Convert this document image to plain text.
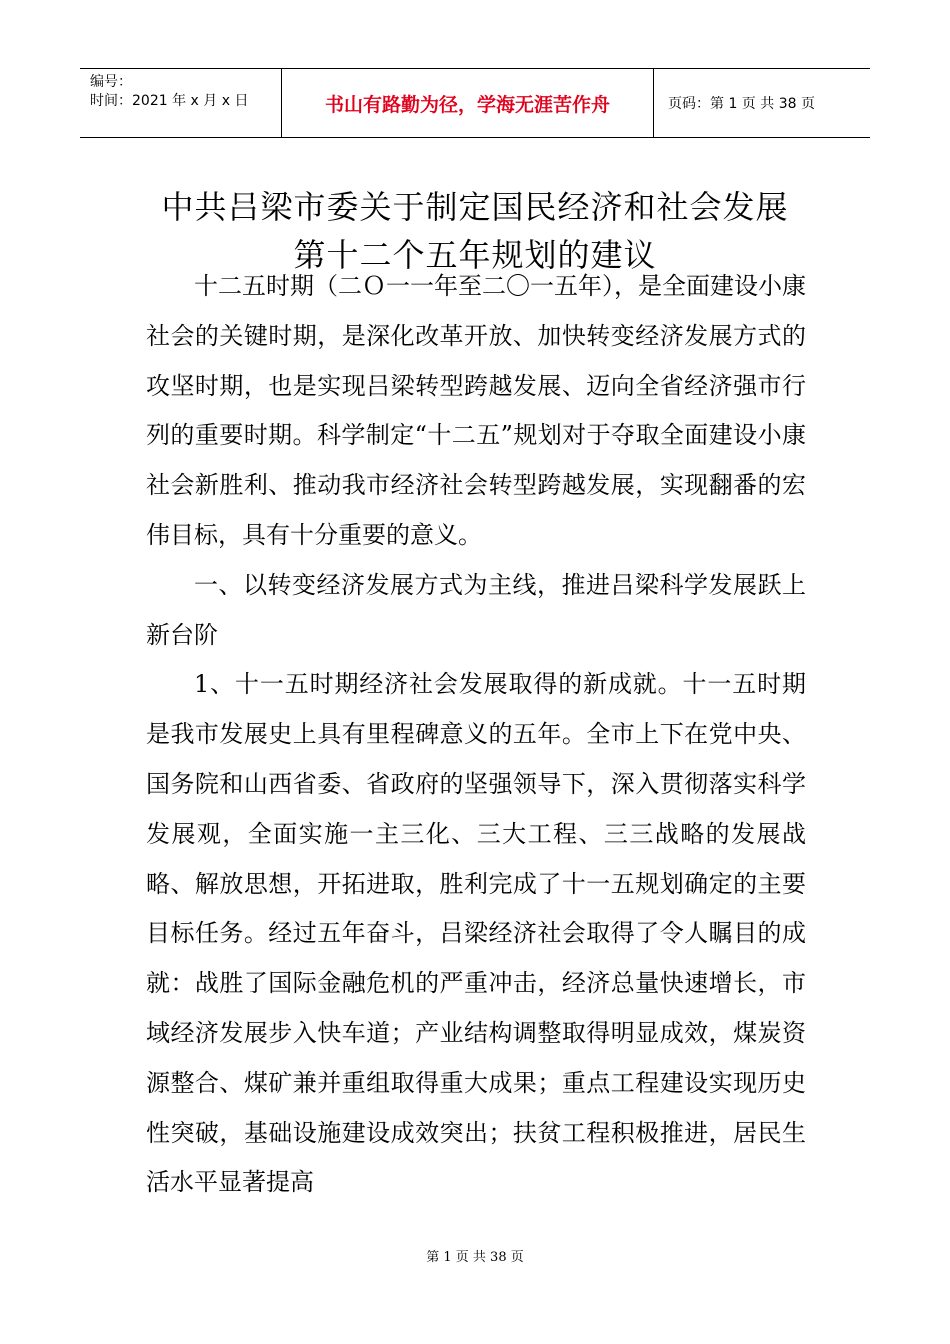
编号：
时间：2021 年 x 月 x 日	书山有路勤为径，学海无涯苦作舟	页码：第 1 页 共 38 页
中共吕梁市委关于制定国民经济和社会发展第十二个五年规划的建议

十二五时期（二Ｏ一一年至二〇一五年），是全面建设小康社会的关键时期，是深化改革开放、加快转变经济发展方式的攻坚时期，也是实现吕梁转型跨越发展、迈向全省经济强市行列的重要时期。科学制定“十二五”规划对于夺取全面建设小康社会新胜利、推动我市经济社会转型跨越发展，实现翻番的宏伟目标，具有十分重要的意义。

一、以转变经济发展方式为主线，推进吕梁科学发展跃上新台阶

1、十一五时期经济社会发展取得的新成就。十一五时期是我市发展史上具有里程碑意义的五年。全市上下在党中央、国务院和山西省委、省政府的坚强领导下，深入贯彻落实科学发展观，全面实施一主三化、三大工程、三三战略的发展战略、解放思想，开拓进取，胜利完成了十一五规划确定的主要目标任务。经过五年奋斗，吕梁经济社会取得了令人瞩目的成就：战胜了国际金融危机的严重冲击，经济总量快速增长，市域经济发展步入快车道；产业结构调整取得明显成效，煤炭资源整合、煤矿兼并重组取得重大成果；重点工程建设实现历史性突破，基础设施建设成效突出；扶贫工程积极推进，居民生活水平显著提高

第 1 页 共 38 页
